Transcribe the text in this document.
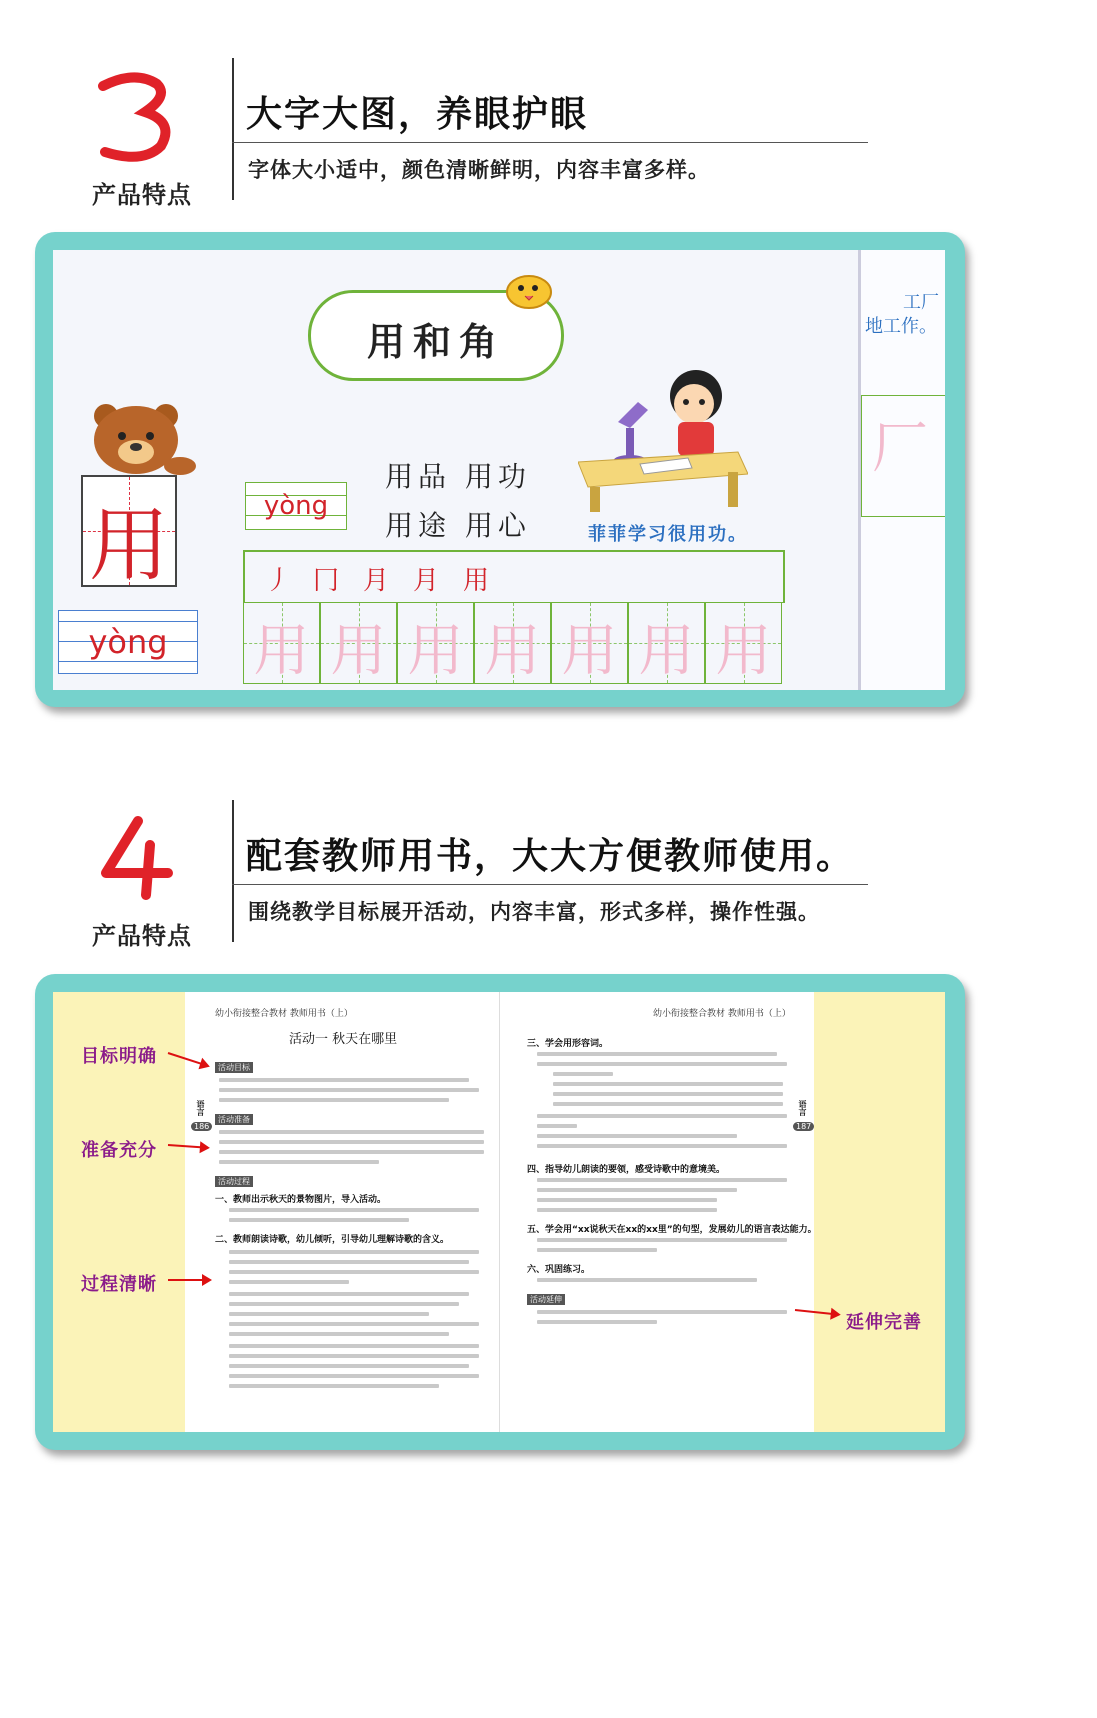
产品特点
大字大图，养眼护眼
字体大小适中，颜色清晰鲜明，内容丰富多样。
用和角
用	yòng
yòng
用品 用功
用途 用心	菲菲学习很用功。
丿 冂 月 月 用
用 用 用 用 用 用 用
工厂
地工作。
厂
产品特点
配套教师用书，大大方便教师使用。
围绕教学目标展开活动，内容丰富，形式多样，操作性强。
幼小衔接整合教材 教师用书（上）
活动一 秋天在哪里
语言
186
活动目标
活动准备
活动过程
一、教师出示秋天的景物图片，导入活动。
二、教师朗读诗歌，幼儿倾听，引导幼儿理解诗歌的含义。
幼小衔接整合教材 教师用书（上）
语言
187
三、学会用形容词。
四、指导幼儿朗读的要领，感受诗歌中的意境美。
五、学会用“xx说秋天在xx的xx里”的句型，发展幼儿的语言表达能力。
六、巩固练习。
活动延伸
目标明确
准备充分
过程清晰
延伸完善
